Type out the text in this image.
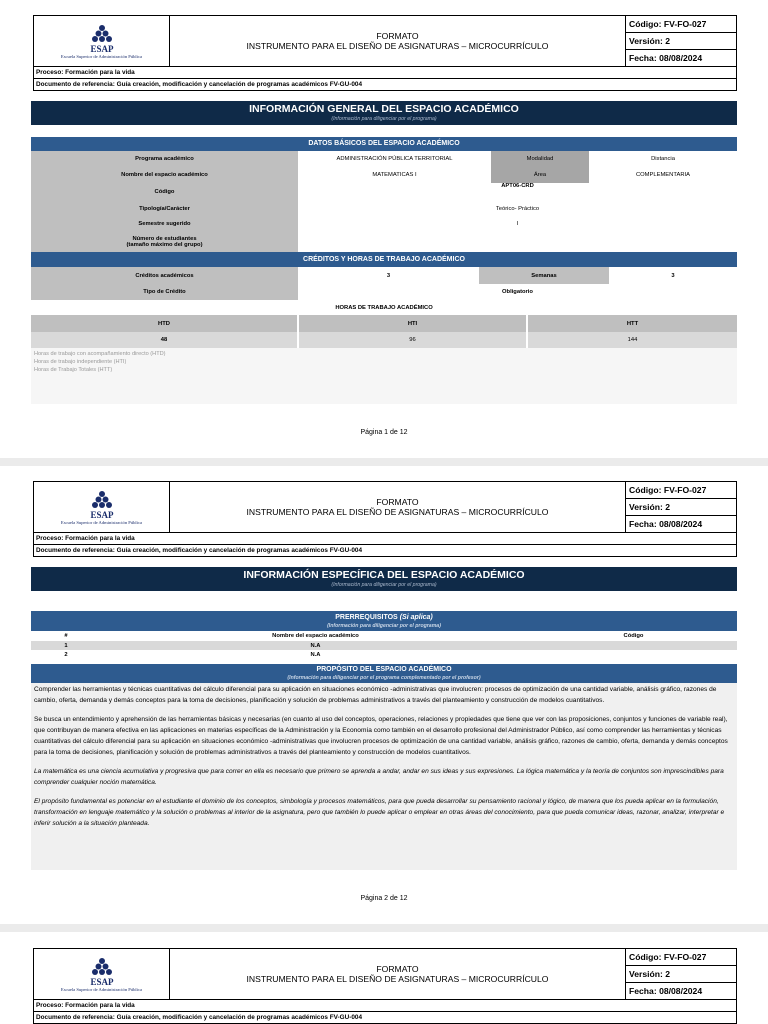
ESAP
Escuela Superior de Administración Pública
FORMATO
INSTRUMENTO PARA EL DISEÑO DE ASIGNATURAS – MICROCURRÍCULO
Código: FV-FO-027
Versión: 2
Fecha: 08/08/2024
Proceso: Formación para la vida
Documento de referencia: Guía creación, modificación y cancelación de programas académicos FV-GU-004
INFORMACIÓN GENERAL DEL ESPACIO ACADÉMICO
(Información para diligenciar por el programa)
DATOS BÁSICOS DEL ESPACIO ACADÉMICO
Programa académico	ADMINISTRACIÓN PÚBLICA TERRITORIAL	Modalidad	Distancia
Nombre del espacio académico	MATEMATICAS I	Área	COMPLEMENTARIA
Código	APT06-CRD		
Tipología/Carácter	Teórico- Práctico		
Semestre sugerido	I		

Número de estudiantes
(tamaño máximo del grupo)			

CRÉDITOS Y HORAS DE TRABAJO ACADÉMICO
Créditos académicos	3	Semanas	3
Tipo de Crédito	Obligatorio		
HORAS DE TRABAJO ACADÉMICO		
HTD	HTI	HTT
48	96	144
Horas de trabajo con acompañamiento directo (HTD)
Horas de trabajo independiente (HTI)
Horas de Trabajo Totales (HTT)
Página 1 de 12
ESAP
Escuela Superior de Administración Pública
FORMATO
INSTRUMENTO PARA EL DISEÑO DE ASIGNATURAS – MICROCURRÍCULO
Código: FV-FO-027
Versión: 2
Fecha: 08/08/2024
Proceso: Formación para la vida
Documento de referencia: Guía creación, modificación y cancelación de programas académicos FV-GU-004
INFORMACIÓN ESPECÍFICA DEL ESPACIO ACADÉMICO
(Información para diligenciar por el programa)
PRERREQUISITOS (Si aplica)
(Información para diligenciar por el programa)
#	Nombre del espacio académico	Código
1	N.A	
2	N.A	
PROPÓSITO DEL ESPACIO ACADÉMICO
(Información para diligenciar por el programa complementado por el profesor)

Comprender las herramientas y técnicas cuantitativas del cálculo diferencial para su aplicación en situaciones económico -administrativas que involucren: procesos de optimización de una cantidad variable, análisis gráfico, razones de cambio, oferta, demanda y demás conceptos para la toma de decisiones, planificación y solución de problemas administrativos a través del planteamiento y construcción de modelos cuantitativos.

Se busca un entendimiento y aprehensión de las herramientas básicas y necesarias (en cuanto al uso del conceptos, operaciones, relaciones y propiedades que tiene que ver con las proposiciones, conjuntos y funciones de variable real), que contribuyan de manera efectiva en las aplicaciones en materias específicas de la Administración y la Economía como también en el desarrollo profesional del Administrador Público, así como comprender las herramientas y técnicas cuantitativas del cálculo diferencial para su aplicación en situaciones económico -administrativas que involucren procesos de optimización de una cantidad variable, análisis gráfico, razones de cambio, oferta, demanda y demás conceptos para la toma de decisiones, planificación y solución de problemas administrativos a través del planteamiento y construcción de modelos cuantitativos.

La matemática es una ciencia acumulativa y progresiva que para correr en ella es necesario que primero se aprenda a andar, andar en sus ideas y sus expresiones. La lógica matemática y la teoría de conjuntos son imprescindibles para comprender cualquier noción matemática.

El propósito fundamental es potenciar en el estudiante el dominio de los conceptos, simbología y procesos matemáticos, para que pueda desarrollar su pensamiento racional y lógico, de manera que los pueda aplicar en la formulación, transformación en lenguaje matemático y la solución o problemas al interior de la asignatura, pero que también lo puede aplicar o emplear en otras áreas del conocimiento, para que pueda comunicar ideas, razonar, analizar, interpretar e inferir solución a la situación planteada.

Página 2 de 12
ESAP
Escuela Superior de Administración Pública
FORMATO
INSTRUMENTO PARA EL DISEÑO DE ASIGNATURAS – MICROCURRÍCULO
Código: FV-FO-027
Versión: 2
Fecha: 08/08/2024
Proceso: Formación para la vida
Documento de referencia: Guía creación, modificación y cancelación de programas académicos FV-GU-004
